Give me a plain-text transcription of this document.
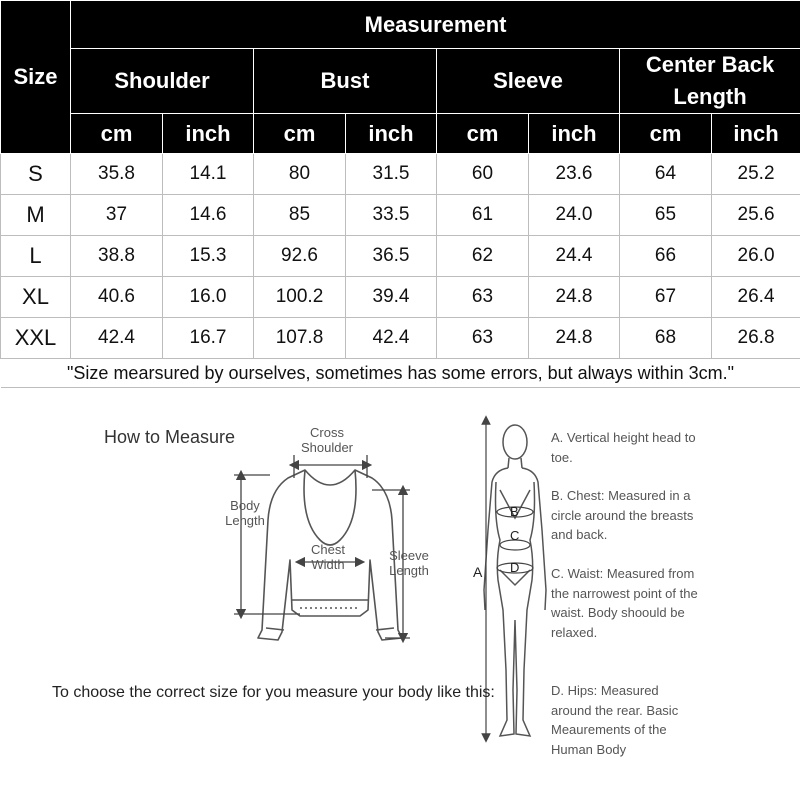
Size	Measurement							
	Shoulder		Bust		Sleeve		Center Back Length	
	cm	inch	cm	inch	cm	inch	cm	inch
S	35.8	14.1	80	31.5	60	23.6	64	25.2
M	37	14.6	85	33.5	61	24.0	65	25.6
L	38.8	15.3	92.6	36.5	62	24.4	66	26.0
XL	40.6	16.0	100.2	39.4	63	24.8	67	26.4
XXL	42.4	16.7	107.8	42.4	63	24.8	68	26.8
"Size mearsured by ourselves, sometimes has some errors, but always within 3cm."								
How to Measure	Cross Shoulder
Body Length
Chest Width
Sleeve Length
To choose the correct size for you measure your body like this:
A
B
C
D
A. Vertical height head to toe.
B. Chest: Measured in a circle around the breasts and back.
C. Waist: Measured from the narrowest point of the waist. Body shoould be relaxed.
D. Hips: Measured around the rear. Basic Meaurements of the Human Body
